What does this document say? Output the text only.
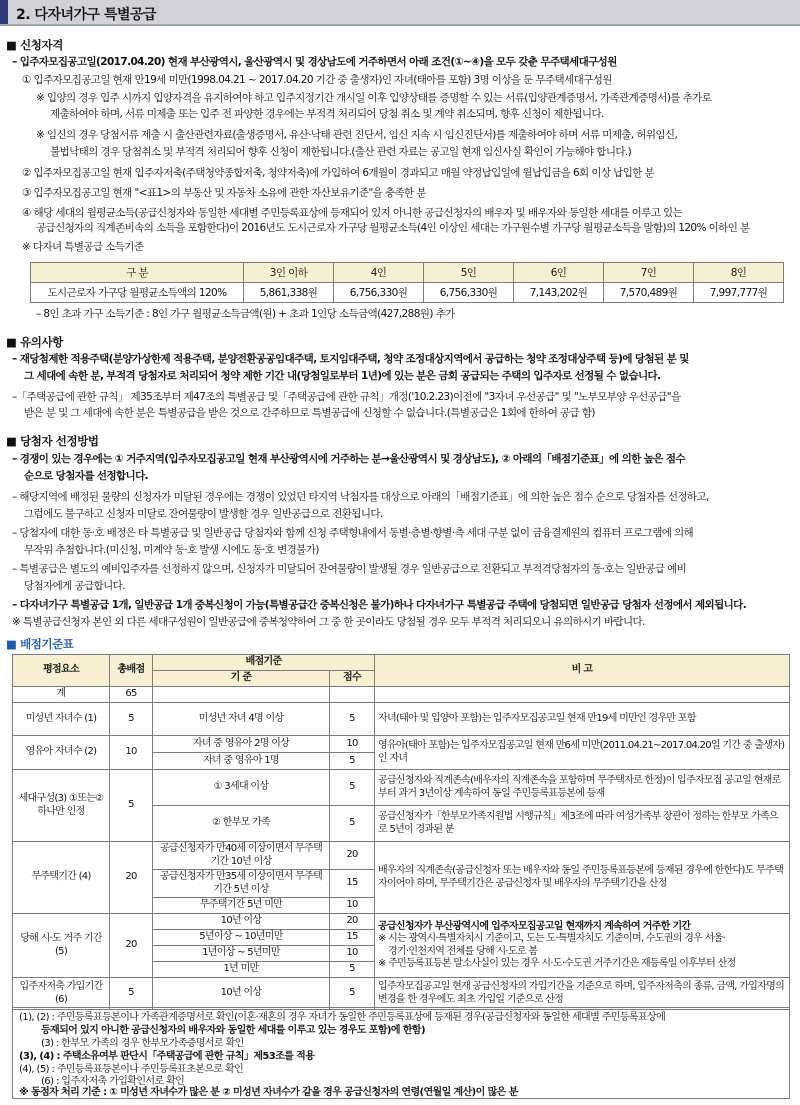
2. 다자녀가구 특별공급
■ 신청자격
– 입주자모집공고일(2017.04.20) 현재 부산광역시, 울산광역시 및 경상남도에 거주하면서 아래 조건(①~④)을 모두 갖춘 무주택세대구성원
① 입주자모집공고일 현재 만19세 미만(1998.04.21 ~ 2017.04.20 기간 중 출생자)인 자녀(태아를 포함) 3명 이상을 둔 무주택세대구성원
※ 입양의 경우 입주 시까지 입양자격을 유지하여야 하고 입주지정기간 개시일 이후 입양상태를 증명할 수 있는 서류(입양관계증명서, 가족관계증명서)를 추가로
제출하여야 하며, 서류 미제출 또는 입주 전 파양한 경우에는 부적격 처리되어 당첨 취소 및 계약 취소되며, 향후 신청이 제한됩니다.
※ 임신의 경우 당첨서류 제출 시 출산관련자료(출생증명서, 유산·낙태 관련 진단서, 임신 지속 시 임신진단서)를 제출하여야 하며 서류 미제출, 허위임신,
불법낙태의 경우 당첨취소 및 부적격 처리되어 향후 신청이 제한됩니다.(출산 관련 자료는 공고일 현재 임신사실 확인이 가능해야 합니다.)
② 입주자모집공고일 현재 입주자저축(주택청약종합저축, 청약저축)에 가입하여 6개월이 경과되고 매월 약정납입일에 월납입금을 6회 이상 납입한 분
③ 입주자모집공고일 현재 "<표1>의 부동산 및 자동차 소유에 관한 자산보유기준"을 충족한 분
④ 해당 세대의 월평균소득(공급신청자와 동일한 세대별 주민등록표상에 등재되어 있지 아니한 공급신청자의 배우자 및 배우자와 동일한 세대를 이루고 있는
공급신청자의 직계존비속의 소득을 포함한다)이 2016년도 도시근로자 가구당 월평균소득(4인 이상인 세대는 가구원수별 가구당 월평균소득을 말함)의 120% 이하인 분
※ 다자녀 특별공급 소득기준
구 분	3인 이하	4인	5인	6인	7인	8인
도시근로자 가구당 월평균소득액의 120%	5,861,338원	6,756,330원	6,756,330원	7,143,202원	7,570,489원	7,997,777원
– 8인 초과 가구 소득기준 : 8인 가구 월평균소득금액(원) + 초과 1인당 소득금액(427,288원) 추가
■ 유의사항
– 재당첨제한 적용주택(분양가상한제 적용주택, 분양전환공공임대주택, 토지임대주택, 청약 조정대상지역에서 공급하는 청약 조정대상주택 등)에 당첨된 분 및
그 세대에 속한 분, 부적격 당첨자로 처리되어 청약 제한 기간 내(당첨일로부터 1년)에 있는 분은 금회 공급되는 주택의 입주자로 선정될 수 없습니다.
–「주택공급에 관한 규칙」 제35조부터 제47조의 특별공급 및「주택공급에 관한 규칙」개정('10.2.23)이전에 "3자녀 우선공급" 및 "노부모부양 우선공급"을
받은 분 및 그 세대에 속한 분은 특별공급을 받은 것으로 간주하므로 특별공급에 신청할 수 없습니다.(특별공급은 1회에 한하여 공급 함)
■ 당첨자 선정방법
– 경쟁이 있는 경우에는 ① 거주지역(입주자모집공고일 현재 부산광역시에 거주하는 분→울산광역시 및 경상남도), ② 아래의「배점기준표」에 의한 높은 점수
순으로 당첨자를 선정합니다.
– 해당지역에 배정된 물량의 신청자가 미달된 경우에는 경쟁이 있었던 타지역 낙첨자를 대상으로 아래의「배점기준표」에 의한 높은 점수 순으로 당첨자를 선정하고,
그럼에도 불구하고 신청자 미달로 잔여물량이 발생할 경우 일반공급으로 전환됩니다.
– 당첨자에 대한 동·호 배정은 타 특별공급 및 일반공급 당첨자와 함께 신청 주택형내에서 동별·층별·향별·측 세대 구분 없이 금융결제원의 컴퓨터 프로그램에 의해
무작위 추첨합니다.(미신청, 미계약 동·호 발생 시에도 동·호 변경불가)
– 특별공급은 별도의 예비입주자를 선정하지 않으며, 신청자가 미달되어 잔여물량이 발생될 경우 일반공급으로 전환되고 부적격당첨자의 동·호는 일반공급 예비
당첨자에게 공급합니다.
– 다자녀가구 특별공급 1개, 일반공급 1개 중복신청이 가능(특별공급간 중복신청은 불가)하나 다자녀가구 특별공급 주택에 당첨되면 일반공급 당첨자 선정에서 제외됩니다.
※ 특별공급신청자 본인 외 다른 세대구성원이 일반공급에 중복청약하여 그 중 한 곳이라도 당첨될 경우 모두 부적격 처리되오니 유의하시기 바랍니다.
■ 배점기준표
평점요소	총배점	배점기준		비 고
		기 준	점수	
계	65			
미성년 자녀수 (1)	5	미성년 자녀 4명 이상	5	자녀(태아 및 입양아 포함)는 입주자모집공고일 현재 만19세 미만인 경우만 포함
영유아 자녀수 (2)	10	자녀 중 영유아 2명 이상	10	영유아(태아 포함)는 입주자모집공고일 현재 만6세 미만(2011.04.21~2017.04.20일 기간 중 출생자)인 자녀
		자녀 중 영유아 1명	5	
세대구성(3) ①또는② 하나만 인정	5	① 3세대 이상	5	공급신청자와 직계존속(배우자의 직계존속을 포함하며 무주택자로 한정)이 입주자모집 공고일 현재로부터 과거 3년이상 계속하여 동일 주민등록표등본에 등재
		② 한부모 가족	5	공급신청자가「한부모가족지원법 시행규칙」제3조에 따라 여성가족부 장관이 정하는 한부모 가족으로 5년이 경과된 분
무주택기간 (4)	20	공급신청자가 만40세 이상이면서 무주택기간 10년 이상	20	배우자의 직계존속(공급신청자 또는 배우자와 동일 주민등록표등본에 등재된 경우에 한한다)도 무주택자이어야 하며, 무주택기간은 공급신청자 및 배우자의 무주택기간을 산정
		공급신청자가 만35세 이상이면서 무주택기간 5년 이상	15	
		무주택기간 5년 미만	10	
당해 시·도 거주 기간 (5)	20	10년 이상	20	공급신청자가 부산광역시에 입주자모집공고일 현재까지 계속하여 거주한 기간
※ 시는 광역시·특별자치시 기준이고, 도는 도·특별자치도 기준이며, 수도권의 경우 서울·
경기·인천지역 전체를 당해 시·도로 봄
※ 주민등록표등본 말소사실이 있는 경우 시·도·수도권 거주기간은 재등록일 이후부터 산정

		5년이상 ~ 10년미만	15	
		1년이상 ~ 5년미만	10	
		1년 미만	5	
입주자저축 가입기간(6)	5	10년 이상	5	입주자모집공고일 현재 공급신청자의 가입기간을 기준으로 하며, 입주자저축의 종류, 금액, 가입자명의 변경을 한 경우에도 최초 가입일 기준으로 산정
(1), (2) : 주민등록표등본이나 가족관계증명서로 확인(이혼·재혼의 경우 자녀가 동일한 주민등록표상에 등재된 경우(공급신청자와 동일한 세대별 주민등록표상에
등재되어 있지 아니한 공급신청자의 배우자와 동일한 세대를 이루고 있는 경우도 포함)에 한함)
(3) : 한부모 가족의 경우 한부모가족증명서로 확인
(3), (4) : 주택소유여부 판단시「주택공급에 관한 규칙」제53조를 적용
(4), (5) : 주민등록표등본이나 주민등록표초본으로 확인
(6) : 입주자저축 가입확인서로 확인
※ 동점자 처리 기준 : ① 미성년 자녀수가 많은 분 ② 미성년 자녀수가 같을 경우 공급신청자의 연령(연월일 계산)이 많은 분
